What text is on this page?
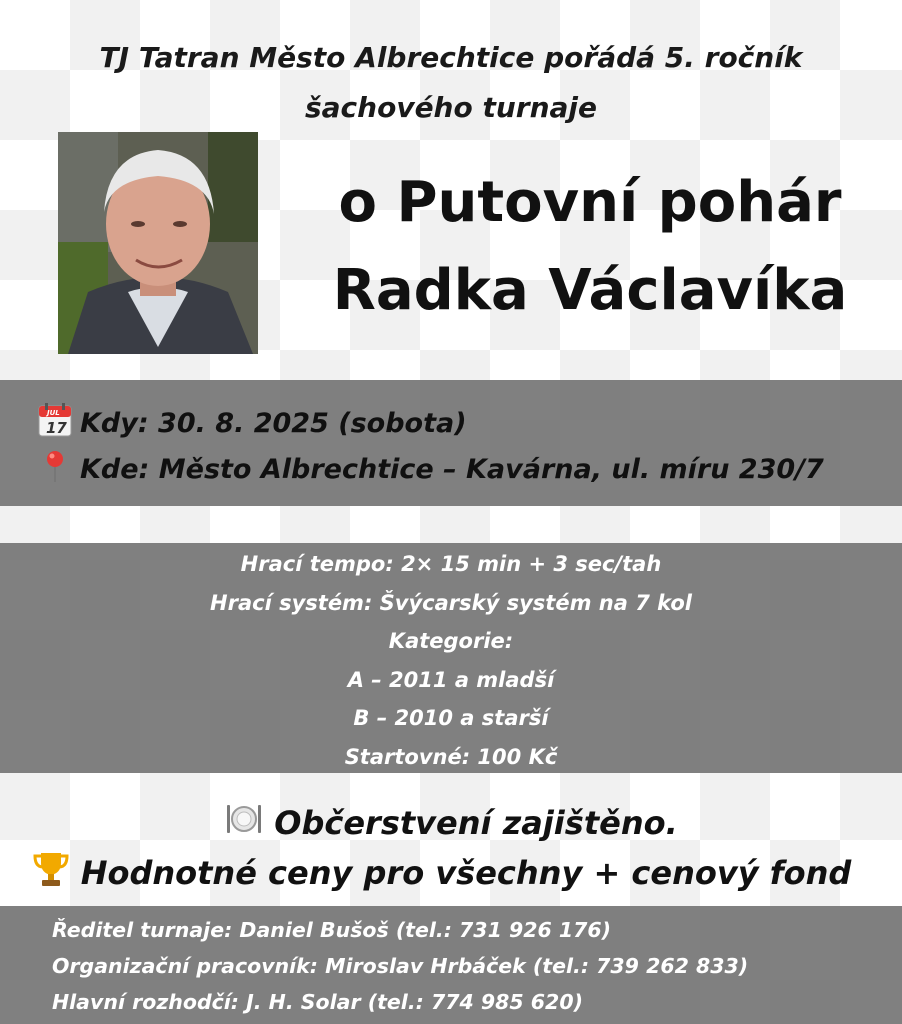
TJ Tatran Město Albrechtice pořádá 5. ročník
šachového turnaje
o Putovní pohár
Radka Václavíka
JUL
17 Kdy: 30. 8. 2025 (sobota)
Kde: Město Albrechtice – Kavárna, ul. míru 230/7
Hrací tempo: 2× 15 min + 3 sec/tah
Hrací systém: Švýcarský systém na 7 kol
Kategorie:
A – 2011 a mladší
B – 2010 a starší
Startovné: 100 Kč
Občerstvení zajištěno.
Hodnotné ceny pro všechny + cenový fond
Ředitel turnaje: Daniel Bušoš (tel.: 731 926 176)
Organizační pracovník: Miroslav Hrbáček (tel.: 739 262 833)
Hlavní rozhodčí: J. H. Solar (tel.: 774 985 620)
